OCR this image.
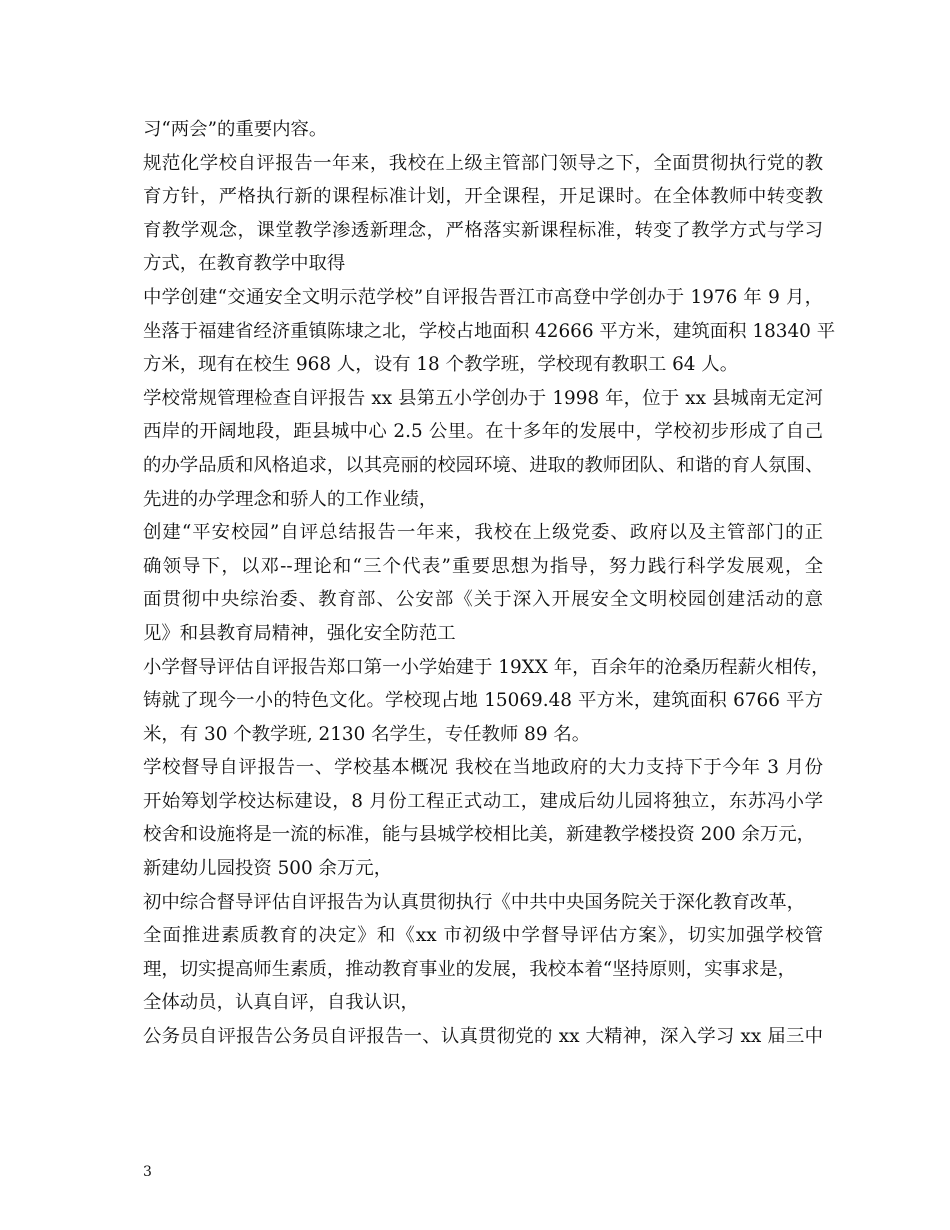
习“两会”的重要内容。
规范化学校自评报告一年来，我校在上级主管部门领导之下，全面贯彻执行党的教
育方针，严格执行新的课程标准计划，开全课程，开足课时。在全体教师中转变教
育教学观念，课堂教学渗透新理念，严格落实新课程标准，转变了教学方式与学习
方式，在教育教学中取得
中学创建“交通安全文明示范学校”自评报告晋江市高登中学创办于 1976 年 9 月，
坐落于福建省经济重镇陈埭之北，学校占地面积 42666 平方米，建筑面积 18340 平
方米，现有在校生 968 人，设有 18 个教学班，学校现有教职工 64 人。
学校常规管理检查自评报告 xx 县第五小学创办于 1998 年，位于 xx 县城南无定河
西岸的开阔地段，距县城中心 2.5 公里。在十多年的发展中，学校初步形成了自己
的办学品质和风格追求，以其亮丽的校园环境、进取的教师团队、和谐的育人氛围、
先进的办学理念和骄人的工作业绩，
创建“平安校园”自评总结报告一年来，我校在上级党委、政府以及主管部门的正
确领导下，以邓--理论和“三个代表”重要思想为指导，努力践行科学发展观，全
面贯彻中央综治委、教育部、公安部《关于深入开展安全文明校园创建活动的意
见》和县教育局精神，强化安全防范工
小学督导评估自评报告郑口第一小学始建于 19XX 年，百余年的沧桑历程薪火相传，
铸就了现今一小的特色文化。学校现占地 15069.48 平方米，建筑面积 6766 平方
米，有 30 个教学班, 2130 名学生，专任教师 89 名。
学校督导自评报告一、学校基本概况 我校在当地政府的大力支持下于今年 3 月份
开始筹划学校达标建设，8 月份工程正式动工，建成后幼儿园将独立，东苏冯小学
校舍和设施将是一流的标准，能与县城学校相比美，新建教学楼投资 200 余万元，
新建幼儿园投资 500 余万元，
初中综合督导评估自评报告为认真贯彻执行《中共中央国务院关于深化教育改革，
全面推进素质教育的决定》和《xx 市初级中学督导评估方案》，切实加强学校管
理，切实提高师生素质，推动教育事业的发展，我校本着“坚持原则，实事求是，
全体动员，认真自评，自我认识，
公务员自评报告公务员自评报告一、认真贯彻党的 xx 大精神，深入学习 xx 届三中
3
